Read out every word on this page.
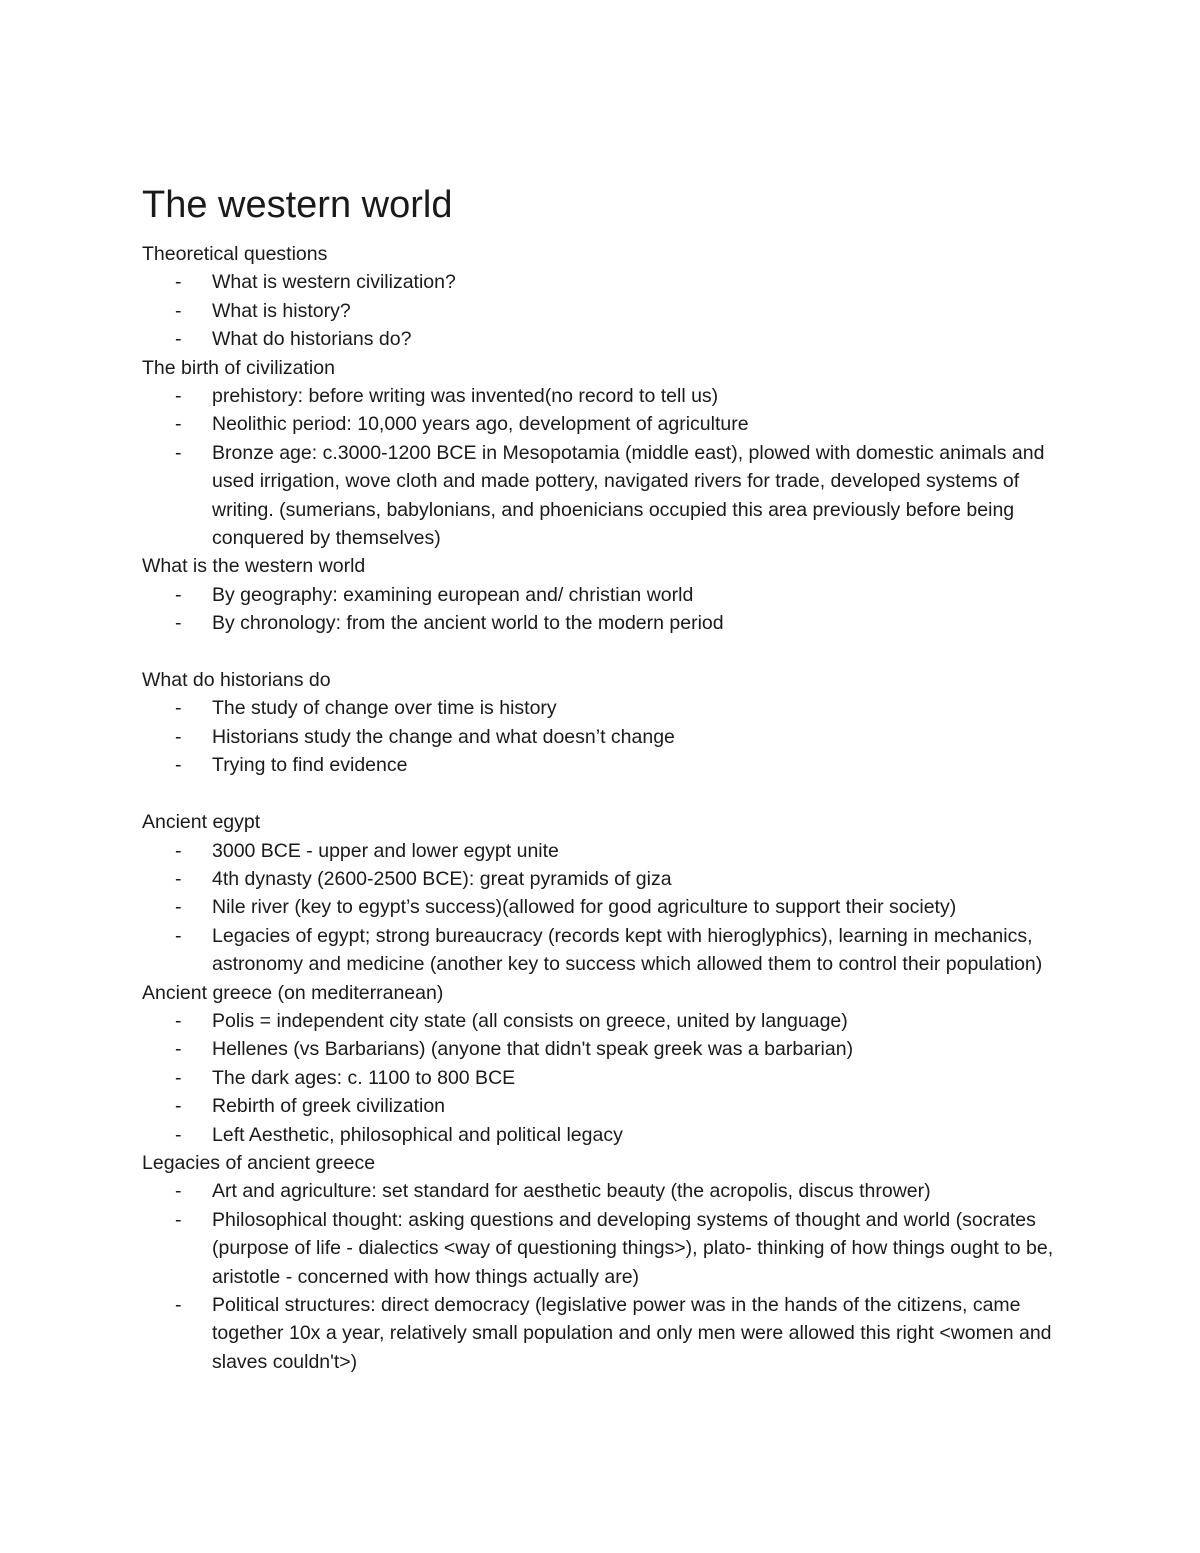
The western world
Theoretical questions
- What is western civilization?
- What is history?
- What do historians do?
The birth of civilization
- prehistory: before writing was invented(no record to tell us)
- Neolithic period: 10,000 years ago, development of agriculture
- Bronze age: c.3000-1200 BCE in Mesopotamia (middle east), plowed with domestic animals and used irrigation, wove cloth and made pottery, navigated rivers for trade, developed systems of writing. (sumerians, babylonians, and phoenicians occupied this area previously before being conquered by themselves)
What is the western world
- By geography: examining european and/ christian world
- By chronology: from the ancient world to the modern period
What do historians do
- The study of change over time is history
- Historians study the change and what doesn’t change
- Trying to find evidence
Ancient egypt
- 3000 BCE - upper and lower egypt unite
- 4th dynasty (2600-2500 BCE): great pyramids of giza
- Nile river (key to egypt’s success)(allowed for good agriculture to support their society)
- Legacies of egypt; strong bureaucracy (records kept with hieroglyphics), learning in mechanics, astronomy and medicine (another key to success which allowed them to control their population)
Ancient greece (on mediterranean)
- Polis = independent city state (all consists on greece, united by language)
- Hellenes (vs Barbarians) (anyone that didn't speak greek was a barbarian)
- The dark ages: c. 1100 to 800 BCE
- Rebirth of greek civilization
- Left Aesthetic, philosophical and political legacy
Legacies of ancient greece
- Art and agriculture: set standard for aesthetic beauty (the acropolis, discus thrower)
- Philosophical thought: asking questions and developing systems of thought and world (socrates (purpose of life - dialectics <way of questioning things>), plato- thinking of how things ought to be, aristotle - concerned with how things actually are)
- Political structures: direct democracy (legislative power was in the hands of the citizens, came together 10x a year, relatively small population and only men were allowed this right <women and slaves couldn't>)
